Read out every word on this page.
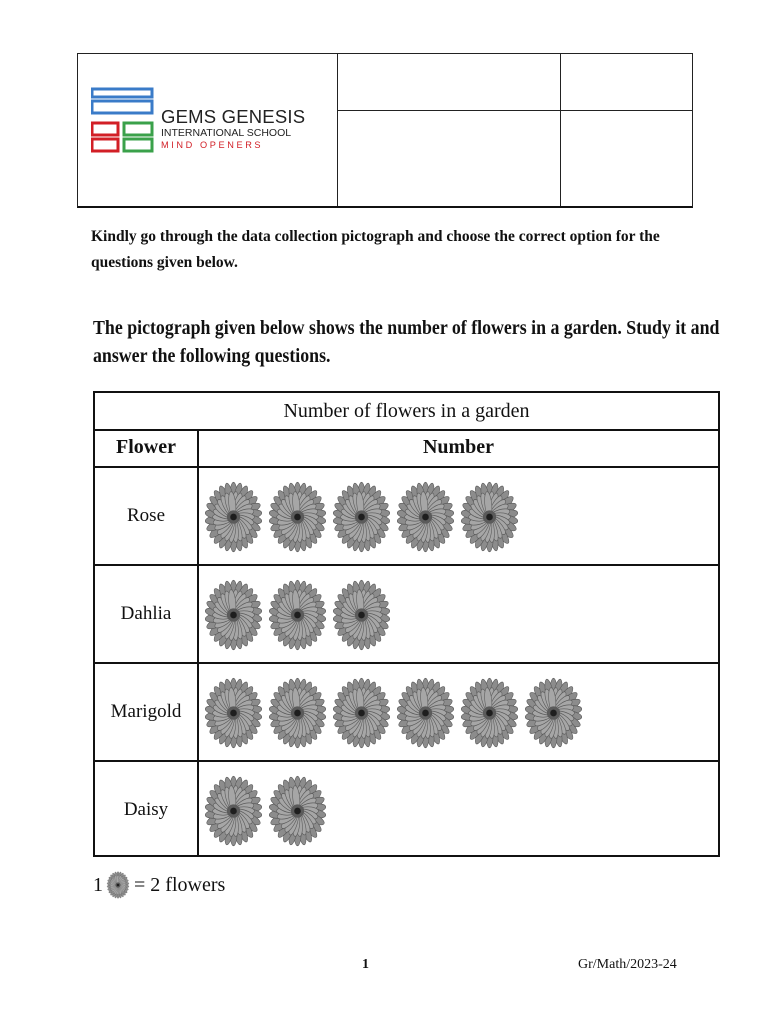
GEMS GENESIS
INTERNATIONAL SCHOOL
MIND OPENERS

Kindly go through the data collection pictograph and choose the correct option for the questions given below.

The pictograph given below shows the number of flowers in a garden. Study it and answer the following questions.

Number of flowers in a garden
Flower	Number
Rose
Dahlia
Marigold
Daisy
1 = 2 flowers
1	Gr/Math/2023-24
